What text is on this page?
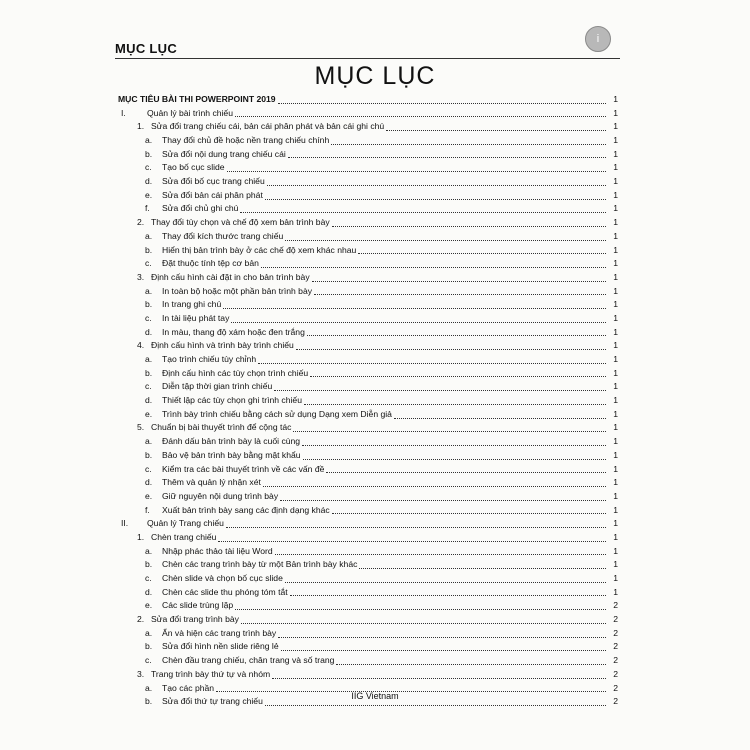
MỤC LỤC
i
MỤC LỤC
MỤC TIÊU BÀI THI POWERPOINT 2019	1
I.	Quản lý bài trình chiếu	1
1. Sửa đổi trang chiếu cái, bản cái phân phát và bản cái ghi chú	1
a.	Thay đổi chủ đề hoặc nền trang chiếu chính	1
b.	Sửa đổi nội dung trang chiếu cái	1
c.	Tạo bố cục slide	1
d.	Sửa đổi bố cục trang chiếu	1
e.	Sửa đổi bản cái phân phát	1
f.	Sửa đổi chủ ghi chú	1
2. Thay đổi tùy chọn và chế độ xem bản trình bày	1
a.	Thay đổi kích thước trang chiếu	1
b.	Hiển thị bản trình bày ở các chế độ xem khác nhau	1
c.	Đặt thuộc tính tệp cơ bản	1
3. Định cấu hình cài đặt in cho bản trình bày	1
a.	In toàn bộ hoặc một phần bản trình bày	1
b.	In trang ghi chú	1
c.	In tài liệu phát tay	1
d.	In màu, thang độ xám hoặc đen trắng	1
4. Định cấu hình và trình bày trình chiếu	1
a.	Tạo trình chiếu tùy chỉnh	1
b.	Định cấu hình các tùy chọn trình chiếu	1
c.	Diễn tập thời gian trình chiếu	1
d.	Thiết lập các tùy chọn ghi trình chiếu	1
e.	Trình bày trình chiếu bằng cách sử dụng Dạng xem Diễn giả	1
5. Chuẩn bị bài thuyết trình để cộng tác	1
a.	Đánh dấu bản trình bày là cuối cùng	1
b.	Bảo vệ bản trình bày bằng mật khẩu	1
c.	Kiểm tra các bài thuyết trình về các vấn đề	1
d.	Thêm và quản lý nhận xét	1
e.	Giữ nguyên nội dung trình bày	1
f.	Xuất bản trình bày sang các định dạng khác	1
II.	Quản lý Trang chiếu	1
1. Chèn trang chiếu	1
a.	Nhập phác thảo tài liệu Word	1
b.	Chèn các trang trình bày từ một Bản trình bày khác	1
c.	Chèn slide và chọn bố cục slide	1
d.	Chèn các slide thu phóng tóm tắt	1
e.	Các slide trùng lặp	2
2. Sửa đổi trang trình bày	2
a.	Ẩn và hiện các trang trình bày	2
b.	Sửa đổi hình nền slide riêng lẻ	2
c.	Chèn đầu trang chiếu, chân trang và số trang	2
3. Trang trình bày thứ tự và nhóm	2
a.	Tạo các phần	2
b.	Sửa đổi thứ tự trang chiếu	2
IIG Vietnam
